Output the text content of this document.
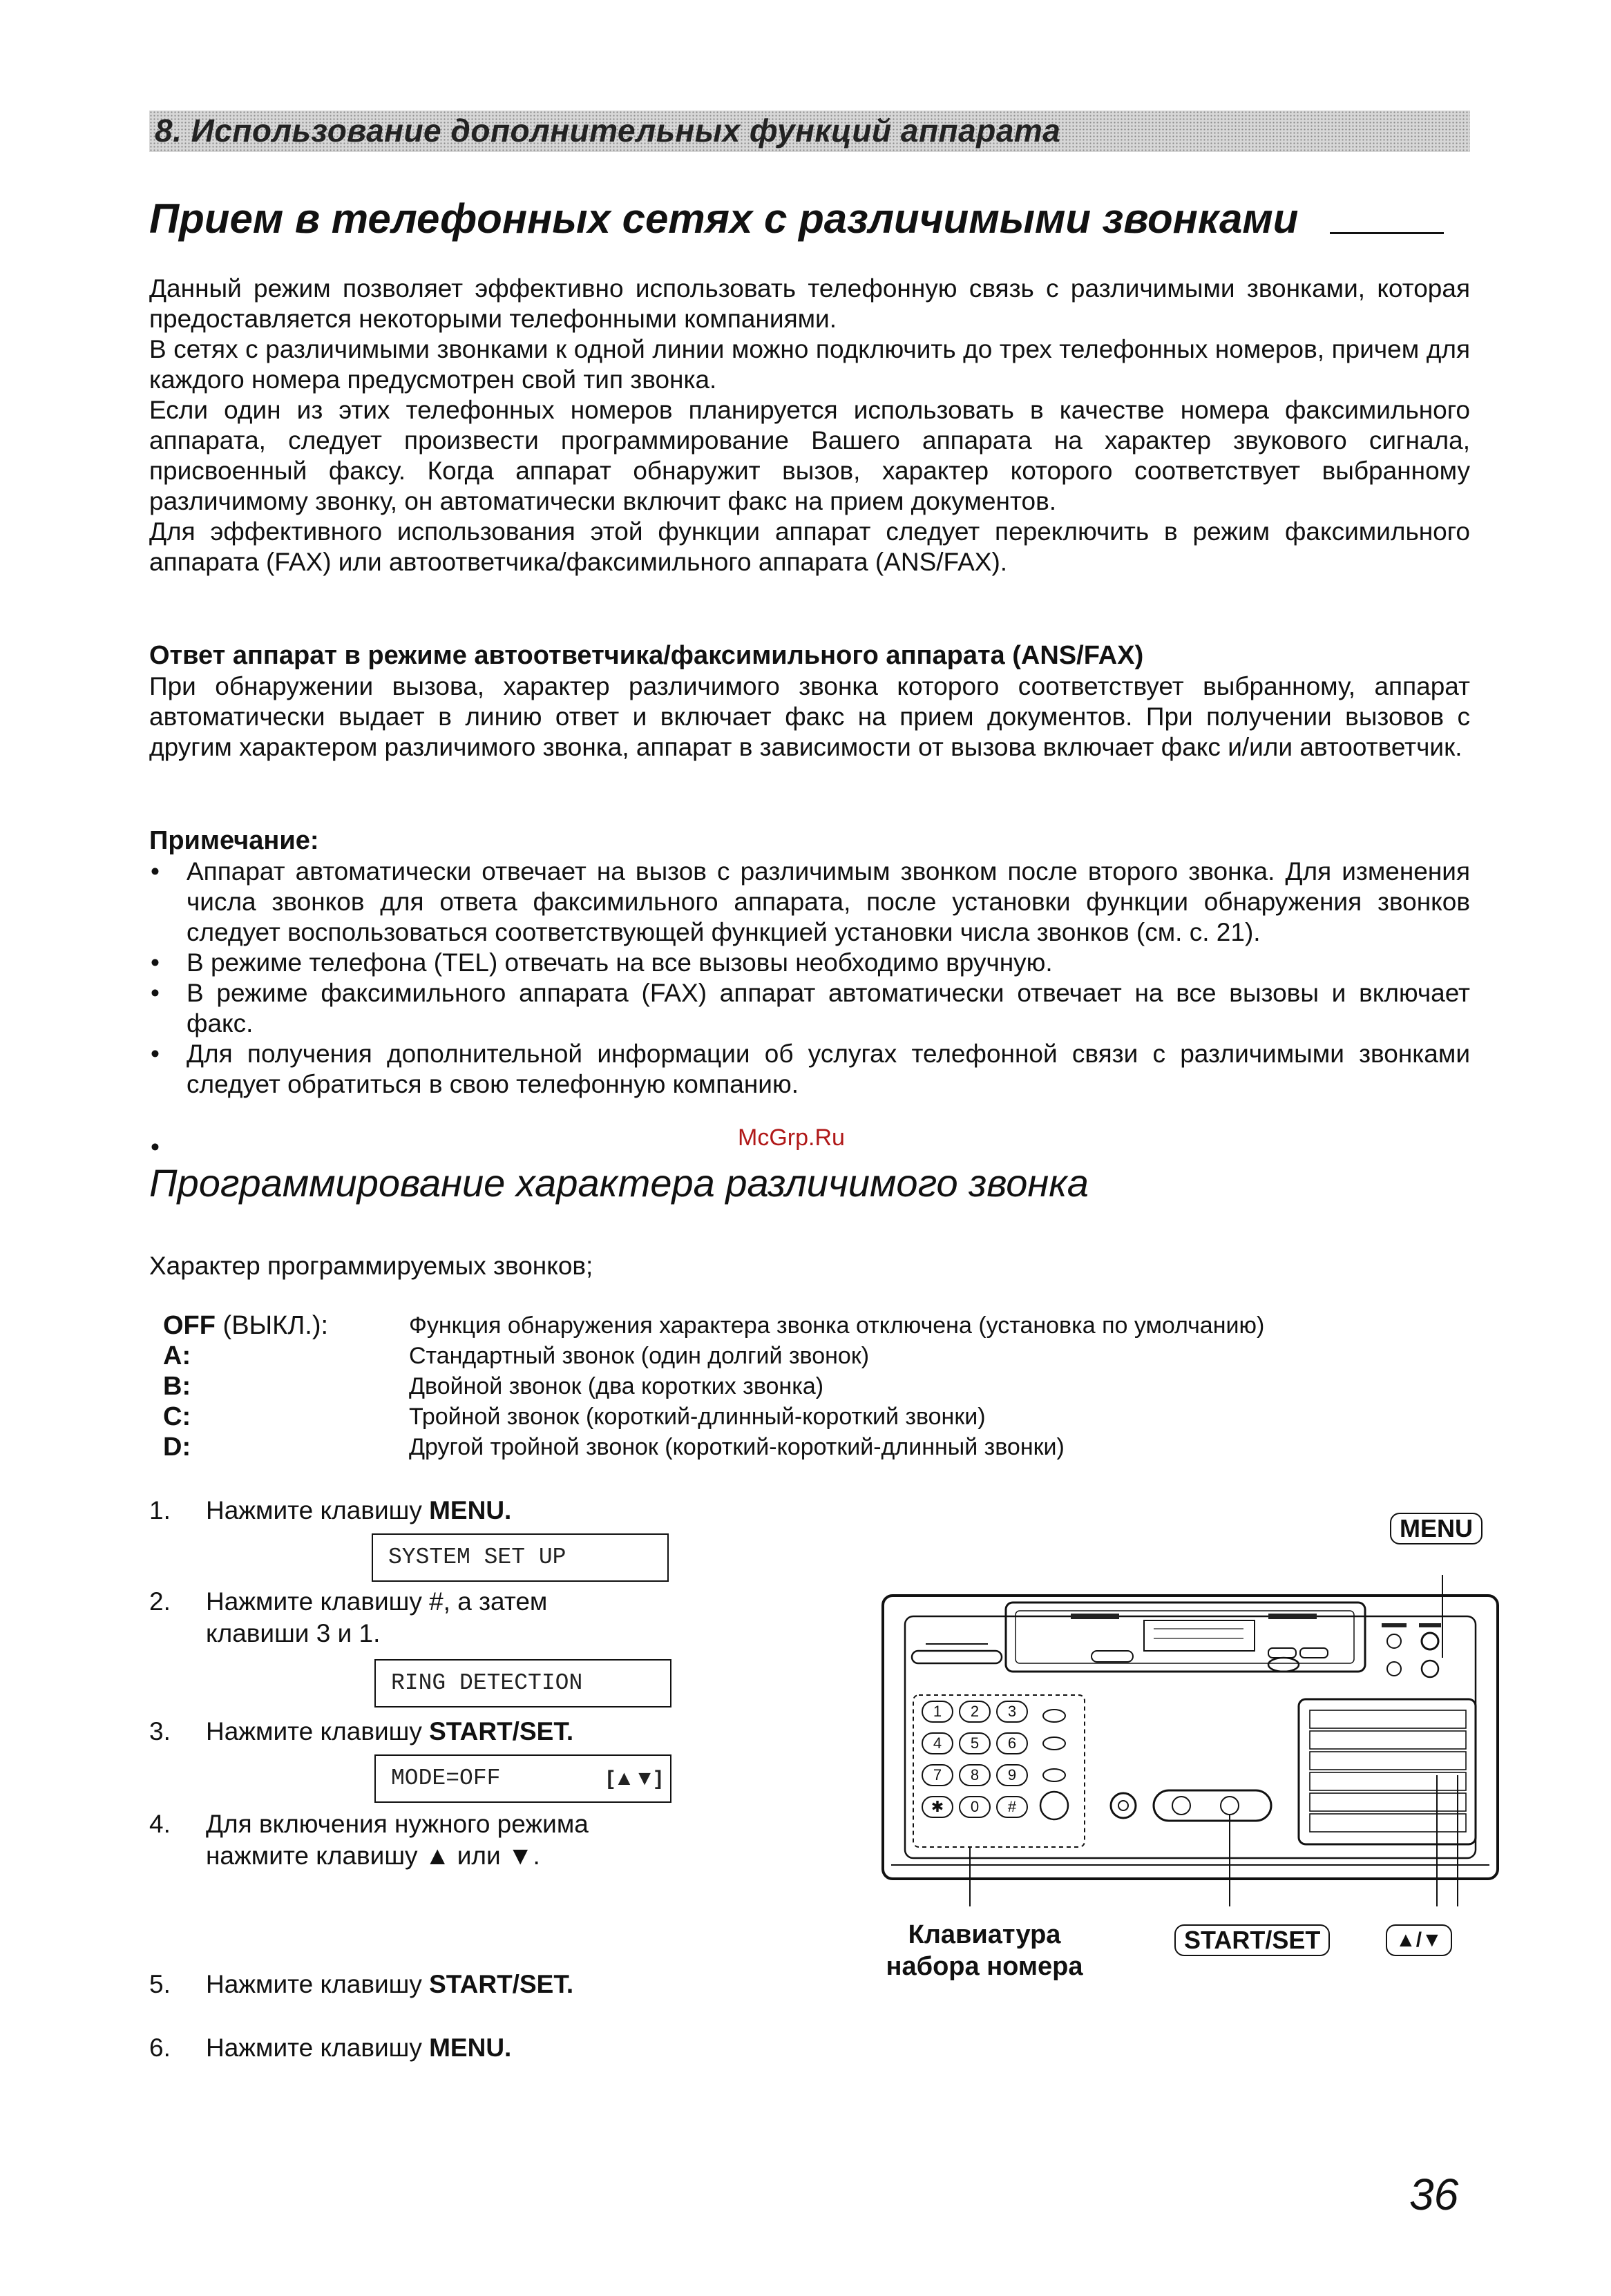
8. Использование дополнительных функций аппарата
Прием в телефонных сетях с различимыми звонками

Данный режим позволяет эффективно использовать телефонную связь с различимыми звонками, которая предоставляется некоторыми телефонными компаниями.

В сетях с различимыми звонками к одной линии можно подключить до трех телефонных номеров, причем для каждого номера предусмотрен свой тип звонка.

Если один из этих телефонных номеров планируется использовать в качестве номера факсимильного аппарата, следует произвести программирование Вашего аппарата на характер звукового сигнала, присвоенный факсу. Когда аппарат обнаружит вызов, характер которого соответствует выбранному различимому звонку, он автоматически включит факс на прием документов.

Для эффективного использования этой функции аппарат следует переключить в режим факсимильного аппарата (FAX) или автоответчика/факсимильного аппарата (ANS/FAX).

Ответ аппарат в режиме автоответчика/факсимильного аппарата (ANS/FAX)

При обнаружении вызова, характер различимого звонка которого соответствует выбранному, аппарат автоматически выдает в линию ответ и включает факс на прием документов. При получении вызовов с другим характером различимого звонка, аппарат в зависимости от вызова включает факс и/или автоответчик.

Примечание:
• Аппарат автоматически отвечает на вызов с различимым звонком после второго звонка. Для изменения числа звонков для ответа факсимильного аппарата, после установки функции обнаружения звонков следует воспользоваться соответствующей функцией установки числа звонков (см. с. 21).
• В режиме телефона (TEL) отвечать на все вызовы необходимо вручную.
• В режиме факсимильного аппарата (FAX) аппарат автоматически отвечает на все вызовы и включает факс.
• Для получения дополнительной информации об услугах телефонной связи с различимыми звонками следует обратиться в свою телефонную компанию.
•	McGrp.Ru
Программирование характера различимого звонка
Характер программируемых звонков;
OFF (ВЫКЛ.):	Функция обнаружения характера звонка отключена (установка по умолчанию)
A:	Стандартный звонок (один долгий звонок)
B:	Двойной звонок (два коротких звонка)
C:	Тройной звонок (короткий-длинный-короткий звонки)
D:	Другой тройной звонок (короткий-короткий-длинный звонки)
1. Нажмите клавишу MENU.
SYSTEM SET UP
2. Нажмите клавишу #, а затем
клавиши 3 и 1.
RING DETECTION
3. Нажмите клавишу START/SET.
MODE=OFF	[▲▼]
4. Для включения нужного режима
нажмите клавишу ▲ или ▼.
5. Нажмите клавишу START/SET.
6. Нажмите клавишу MENU.
1	2	3
4	5	6
7	8	9
✱	0	#
MENU
START/SET	▲/▼
Клавиатура
набора номера
36
